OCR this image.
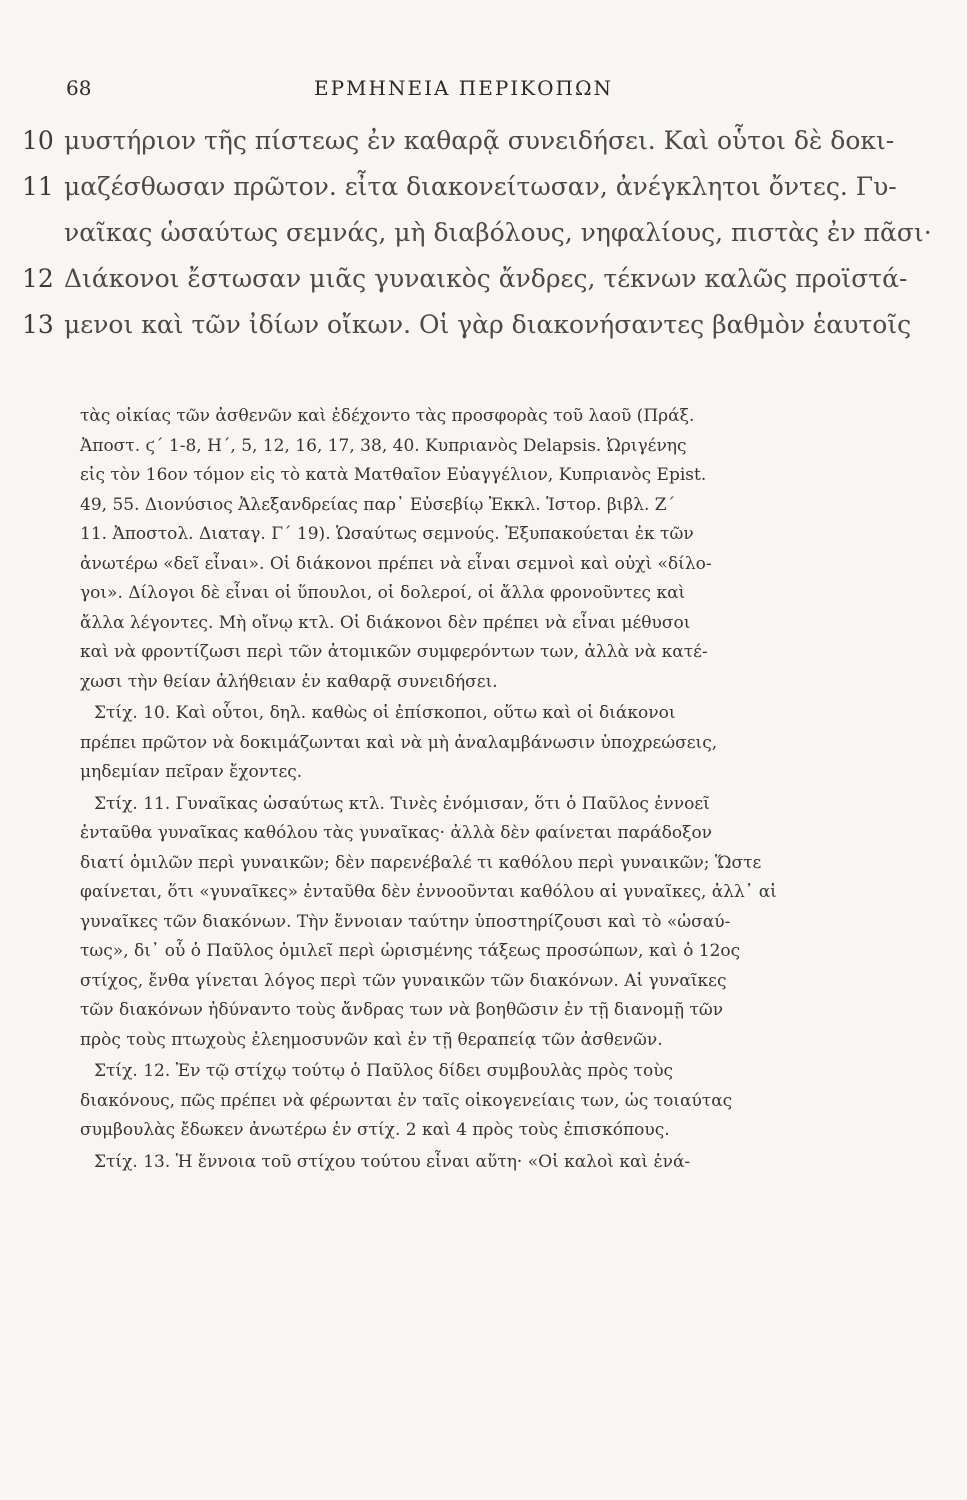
68	ΕΡΜΗΝΕΙΑ ΠΕΡΙΚΟΠΩΝ
10 μυστήριον τῆς πίστεως ἐν καθαρᾷ συνειδήσει. Καὶ οὗτοι δὲ δοκι-
11 μαζέσθωσαν πρῶτον. εἶτα διακονείτωσαν, ἀνέγκλητοι ὄντες. Γυ-
ναῖκας ὡσαύτως σεμνάς, μὴ διαβόλους, νηφαλίους, πιστὰς ἐν πᾶσι·
12 Διάκονοι ἔστωσαν μιᾶς γυναικὸς ἄνδρες, τέκνων καλῶς προϊστά-
13 μενοι καὶ τῶν ἰδίων οἴκων. Οἱ γὰρ διακονήσαντες βαθμὸν ἑαυτοῖς
τὰς οἰκίας τῶν ἀσθενῶν καὶ ἐδέχοντο τὰς προσφορὰς τοῦ λαοῦ (Πράξ.
Ἀποστ. ϛ΄ 1-8, Η΄, 5, 12, 16, 17, 38, 40. Κυπριανὸς Delapsis. Ὠριγένης
εἰς τὸν 16ον τόμον εἰς τὸ κατὰ Ματθαῖον Εὐαγγέλιον, Κυπριανὸς Epist.
49, 55. Διονύσιος Ἀλεξανδρείας παρ᾽ Εὐσεβίῳ Ἐκκλ. Ἱστορ. βιβλ. Ζ΄
11. Ἀποστολ. Διαταγ. Γ΄ 19). Ὡσαύτως σεμνούς. Ἐξυπακούεται ἐκ τῶν
ἀνωτέρω «δεῖ εἶναι». Οἱ διάκονοι πρέπει νὰ εἶναι σεμνοὶ καὶ οὐχὶ «δίλο-
γοι». Δίλογοι δὲ εἶναι οἱ ὕπουλοι, οἱ δολεροί, οἱ ἄλλα φρονοῦντες καὶ
ἄλλα λέγοντες. Μὴ οἴνῳ κτλ. Οἱ διάκονοι δὲν πρέπει νὰ εἶναι μέθυσοι
καὶ νὰ φροντίζωσι περὶ τῶν ἀτομικῶν συμφερόντων των, ἀλλὰ νὰ κατέ-
χωσι τὴν θείαν ἀλήθειαν ἐν καθαρᾷ συνειδήσει.
Στίχ. 10. Καὶ οὗτοι, δηλ. καθὼς οἱ ἐπίσκοποι, οὕτω καὶ οἱ διάκονοι
πρέπει πρῶτον νὰ δοκιμάζωνται καὶ νὰ μὴ ἀναλαμβάνωσιν ὑποχρεώσεις,
μηδεμίαν πεῖραν ἔχοντες.
Στίχ. 11. Γυναῖκας ὡσαύτως κτλ. Τινὲς ἐνόμισαν, ὅτι ὁ Παῦλος ἐννοεῖ
ἐνταῦθα γυναῖκας καθόλου τὰς γυναῖκας· ἀλλὰ δὲν φαίνεται παράδοξον
διατί ὁμιλῶν περὶ γυναικῶν; δὲν παρενέβαλέ τι καθόλου περὶ γυναικῶν; Ὥστε
φαίνεται, ὅτι «γυναῖκες» ἐνταῦθα δὲν ἐννοοῦνται καθόλου αἱ γυναῖκες, ἀλλ᾽ αἱ
γυναῖκες τῶν διακόνων. Τὴν ἔννοιαν ταύτην ὑποστηρίζουσι καὶ τὸ «ὡσαύ-
τως», δι᾽ οὗ ὁ Παῦλος ὁμιλεῖ περὶ ὡρισμένης τάξεως προσώπων, καὶ ὁ 12ος
στίχος, ἔνθα γίνεται λόγος περὶ τῶν γυναικῶν τῶν διακόνων. Αἱ γυναῖκες
τῶν διακόνων ἠδύναντο τοὺς ἄνδρας των νὰ βοηθῶσιν ἐν τῇ διανομῇ τῶν
πρὸς τοὺς πτωχοὺς ἐλεημοσυνῶν καὶ ἐν τῇ θεραπείᾳ τῶν ἀσθενῶν.
Στίχ. 12. Ἐν τῷ στίχῳ τούτῳ ὁ Παῦλος δίδει συμβουλὰς πρὸς τοὺς
διακόνους, πῶς πρέπει νὰ φέρωνται ἐν ταῖς οἰκογενείαις των, ὡς τοιαύτας
συμβουλὰς ἔδωκεν ἀνωτέρω ἐν στίχ. 2 καὶ 4 πρὸς τοὺς ἐπισκόπους.
Στίχ. 13. Ἡ ἔννοια τοῦ στίχου τούτου εἶναι αὕτη· «Οἱ καλοὶ καὶ ἐνά-
